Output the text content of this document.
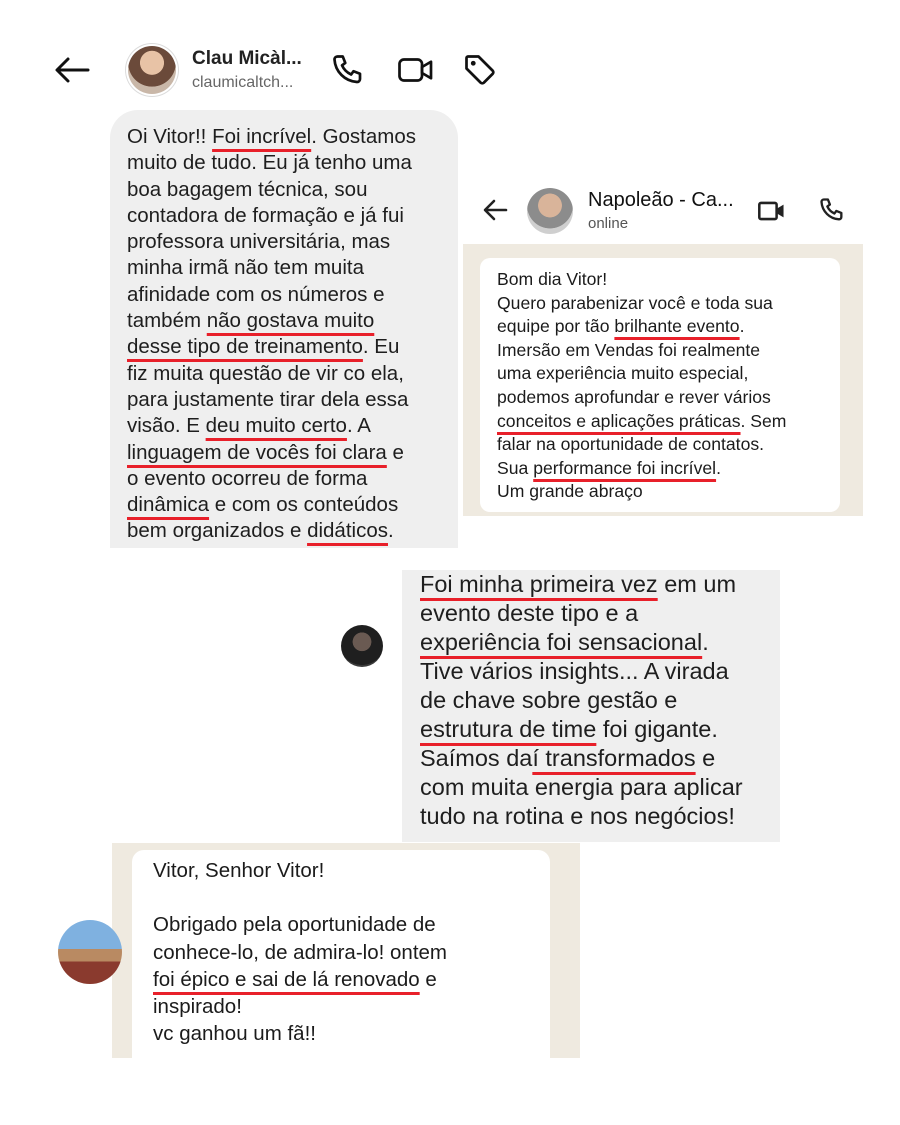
Clau Micàl...
claumicaltch...
Oi Vitor!! Foi incrível. Gostamos
muito de tudo. Eu já tenho uma
boa bagagem técnica, sou
contadora de formação e já fui
professora universitária, mas
minha irmã não tem muita
afinidade com os números e
também não gostava muito
desse tipo de treinamento. Eu
fiz muita questão de vir co ela,
para justamente tirar dela essa
visão. E deu muito certo. A
linguagem de vocês foi clara e
o evento ocorreu de forma
dinâmica e com os conteúdos
bem organizados e didáticos.
Napoleão - Ca...
online
Bom dia Vitor!
Quero parabenizar você e toda sua
equipe por tão brilhante evento.
Imersão em Vendas foi realmente
uma experiência muito especial,
podemos aprofundar e rever vários
conceitos e aplicações práticas. Sem
falar na oportunidade de contatos.
Sua performance foi incrível.
Um grande abraço
Foi minha primeira vez em um
evento deste tipo e a
experiência foi sensacional.
Tive vários insights... A virada
de chave sobre gestão e
estrutura de time foi gigante.
Saímos daí transformados e
com muita energia para aplicar
tudo na rotina e nos negócios!
Vitor, Senhor Vitor!

Obrigado pela oportunidade de
conhece-lo, de admira-lo! ontem
foi épico e sai de lá renovado e
inspirado!
vc ganhou um fã!!
